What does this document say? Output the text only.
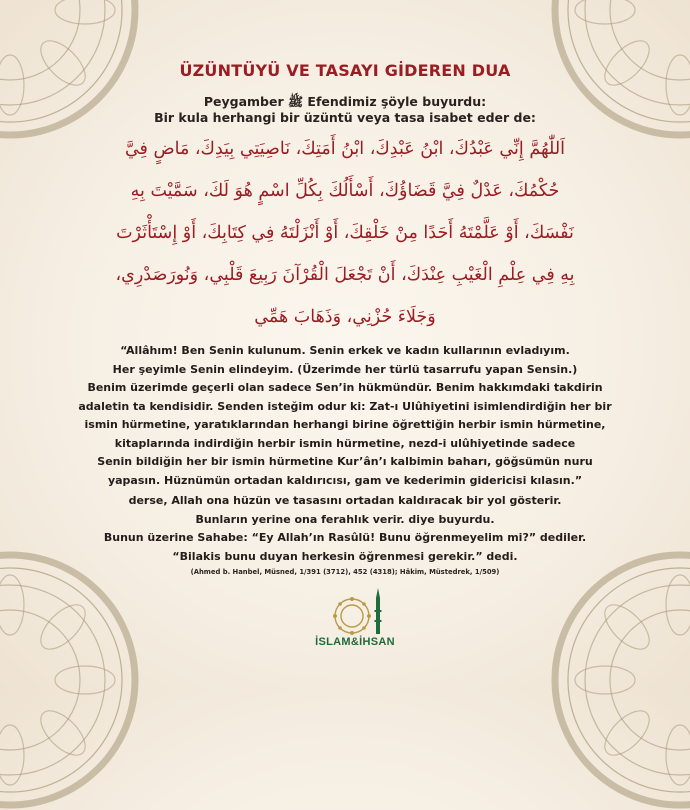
ÜZÜNTÜYÜ VE TASAYI GİDEREN DUA
Peygamber ﷺ Efendimiz şöyle buyurdu:
Bir kula herhangi bir üzüntü veya tasa isabet eder de:
اَللّٰهُمَّ إِنِّي عَبْدُكَ، ابْنُ عَبْدِكَ، ابْنُ أَمَتِكَ، نَاصِيَتِي بِيَدِكَ، مَاضٍ فِيَّ
حُكْمُكَ، عَدْلٌ فِيَّ قَضَاؤُكَ، أَسْأَلُكَ بِكُلِّ اسْمٍ هُوَ لَكَ، سَمَّيْتَ بِهِ
نَفْسَكَ، أَوْ عَلَّمْتَهُ أَحَدًا مِنْ خَلْقِكَ، أَوْ أَنْزَلْتَهُ فِي كِتَابِكَ، أَوْ إِسْتَأْثَرْتَ
بِهِ فِي عِلْمِ الْغَيْبِ عِنْدَكَ، أَنْ تَجْعَلَ الْقُرْآنَ رَبِيعَ قَلْبِي، وَنُورَصَدْرِي،
وَجَلَاءَ حُزْنِي، وَذَهَابَ هَمِّي
“Allâhım! Ben Senin kulunum. Senin erkek ve kadın kullarının evladıyım.
Her şeyimle Senin elindeyim. (Üzerimde her türlü tasarrufu yapan Sensin.)
Benim üzerimde geçerli olan sadece Sen’in hükmündür. Benim hakkımdaki takdirin
adaletin ta kendisidir. Senden isteğim odur ki: Zat-ı Ulûhiyetini isimlendirdiğin her bir
ismin hürmetine, yaratıklarından herhangi birine öğrettiğin herbir ismin hürmetine,
kitaplarında indirdiğin herbir ismin hürmetine, nezd-i ulûhiyetinde sadece
Senin bildiğin her bir ismin hürmetine Kur’ân’ı kalbimin baharı, göğsümün nuru
yapasın. Hüznümün ortadan kaldırıcısı, gam ve kederimin gidericisi kılasın.”
derse, Allah ona hüzün ve tasasını ortadan kaldıracak bir yol gösterir.
Bunların yerine ona ferahlık verir. diye buyurdu.
Bunun üzerine Sahabe: “Ey Allah’ın Rasûlü! Bunu öğrenmeyelim mi?” dediler.
“Bilakis bunu duyan herkesin öğrenmesi gerekir.” dedi.
(Ahmed b. Hanbel, Müsned, 1/391 (3712), 452 (4318); Hâkim, Müstedrek, 1/509)
İSLAM&İHSAN
